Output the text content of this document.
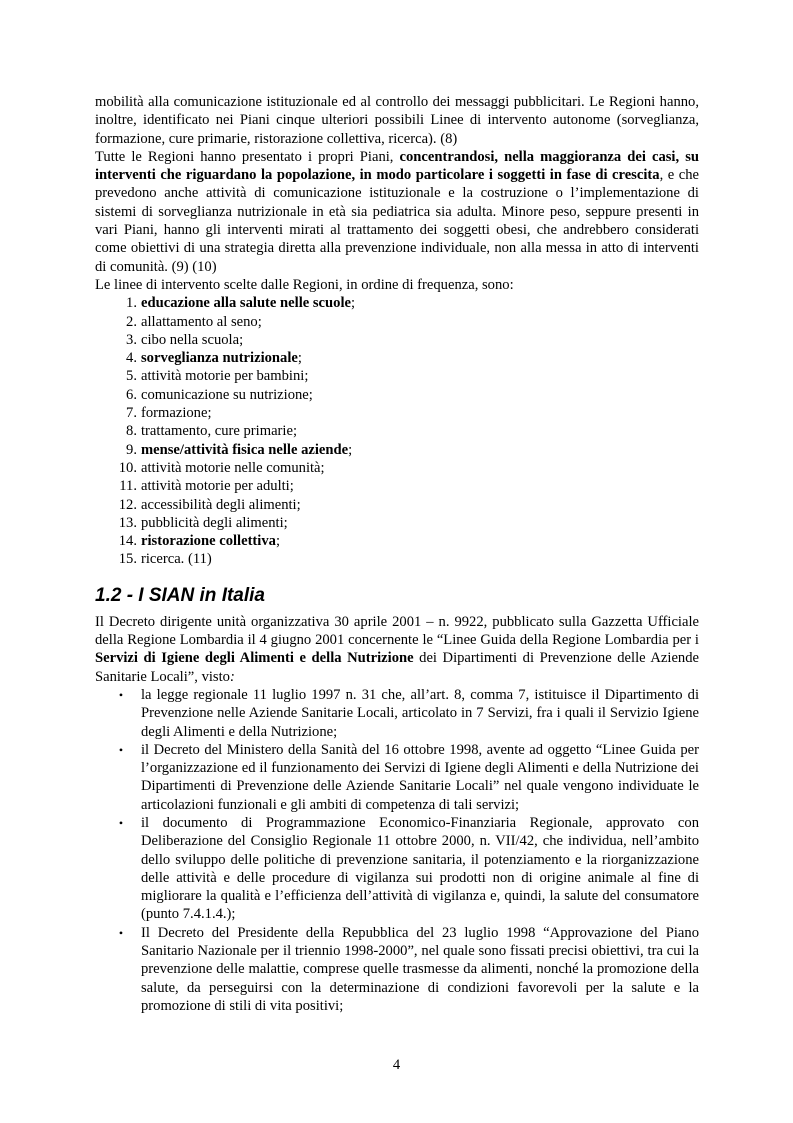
mobilità alla comunicazione istituzionale ed al controllo dei messaggi pubblicitari. Le Regioni hanno, inoltre, identificato nei Piani cinque ulteriori possibili Linee di intervento autonome (sorveglianza, formazione, cure primarie, ristorazione collettiva, ricerca). (8)

Tutte le Regioni hanno presentato i propri Piani, concentrandosi, nella maggioranza dei casi, su interventi che riguardano la popolazione, in modo particolare i soggetti in fase di crescita, e che prevedono anche attività di comunicazione istituzionale e la costruzione o l’implementazione di sistemi di sorveglianza nutrizionale in età sia pediatrica sia adulta. Minore peso, seppure presenti in vari Piani, hanno gli interventi mirati al trattamento dei soggetti obesi, che andrebbero considerati come obiettivi di una strategia diretta alla prevenzione individuale, non alla messa in atto di interventi di comunità. (9) (10)

Le linee di intervento scelte dalle Regioni, in ordine di frequenza, sono:

1. educazione alla salute nelle scuole;
2. allattamento al seno;
3. cibo nella scuola;
4. sorveglianza nutrizionale;
5. attività motorie per bambini;
6. comunicazione su nutrizione;
7. formazione;
8. trattamento, cure primarie;
9. mense/attività fisica nelle aziende;
10. attività motorie nelle comunità;
11. attività motorie per adulti;
12. accessibilità degli alimenti;
13. pubblicità degli alimenti;
14. ristorazione collettiva;
15. ricerca. (11)
1.2 - I SIAN in Italia

Il Decreto dirigente unità organizzativa 30 aprile 2001 – n. 9922, pubblicato sulla Gazzetta Ufficiale della Regione Lombardia il 4 giugno 2001 concernente le “Linee Guida della Regione Lombardia per i Servizi di Igiene degli Alimenti e della Nutrizione dei Dipartimenti di Prevenzione delle Aziende Sanitarie Locali”, visto:

•	la legge regionale 11 luglio 1997 n. 31 che, all’art. 8, comma 7, istituisce il Dipartimento di Prevenzione nelle Aziende Sanitarie Locali, articolato in 7 Servizi, fra i quali il Servizio Igiene degli Alimenti e della Nutrizione;
•	il Decreto del Ministero della Sanità del 16 ottobre 1998, avente ad oggetto “Linee Guida per l’organizzazione ed il funzionamento dei Servizi di Igiene degli Alimenti e della Nutrizione dei Dipartimenti di Prevenzione delle Aziende Sanitarie Locali” nel quale vengono individuate le articolazioni funzionali e gli ambiti di competenza di tali servizi;
•	il documento di Programmazione Economico-Finanziaria Regionale, approvato con Deliberazione del Consiglio Regionale 11 ottobre 2000, n. VII/42, che individua, nell’ambito dello sviluppo delle politiche di prevenzione sanitaria, il potenziamento e la riorganizzazione delle attività e delle procedure di vigilanza sui prodotti non di origine animale al fine di migliorare la qualità e l’efficienza dell’attività di vigilanza e, quindi, la salute del consumatore (punto 7.4.1.4.);
•	Il Decreto del Presidente della Repubblica del 23 luglio 1998 “Approvazione del Piano Sanitario Nazionale per il triennio 1998-2000”, nel quale sono fissati precisi obiettivi, tra cui la prevenzione delle malattie, comprese quelle trasmesse da alimenti, nonché la promozione della salute, da perseguirsi con la determinazione di condizioni favorevoli per la salute e la promozione di stili di vita positivi;
4
